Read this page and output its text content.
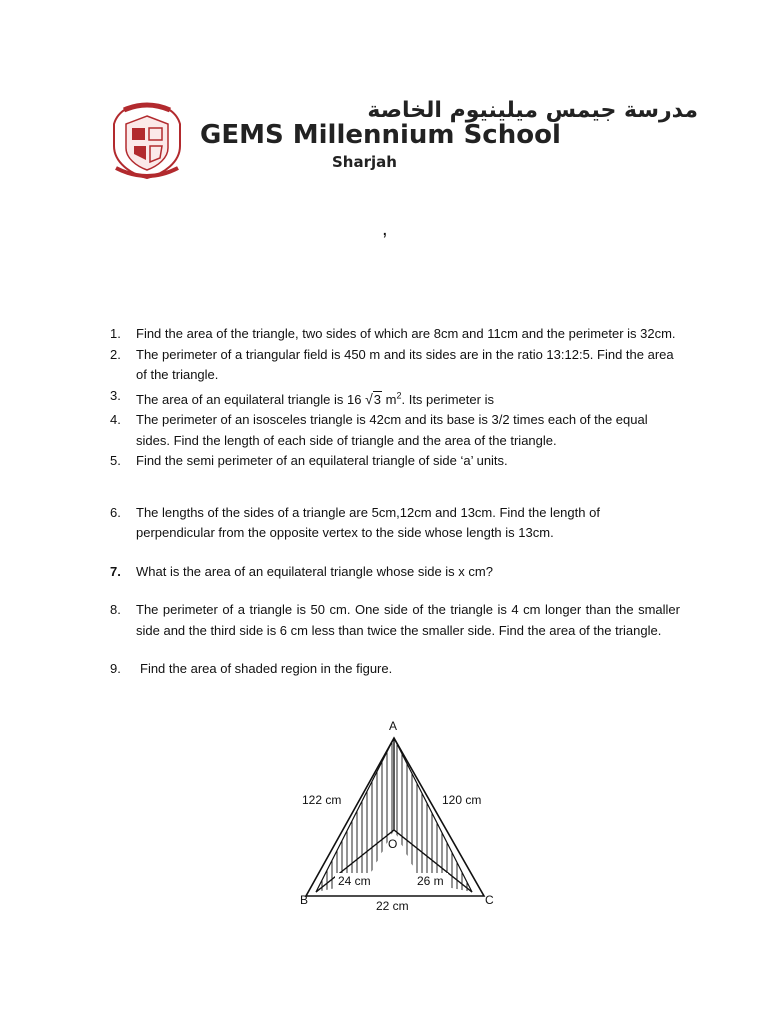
مدرسة جيمس ميلينيوم الخاصة
GEMS Millennium School
Sharjah
,
1. Find the area of the triangle, two sides of which are 8cm and 11cm and the perimeter is 32cm.
2. The perimeter of a triangular field is 450 m and its sides are in the ratio 13:12:5. Find the area of the triangle.
3. The area of an equilateral triangle is 16 √3 $m^2$. Its perimeter is
4. The perimeter of an isosceles triangle is 42cm and its base is 3/2 times each of the equal sides. Find the length of each side of triangle and the area of the triangle.
5. Find the semi perimeter of an equilateral triangle of side ‘a’ units.
6. The lengths of the sides of a triangle are 5cm,12cm and 13cm. Find the length of perpendicular from the opposite vertex to the side whose length is 13cm.
7. What is the area of an equilateral triangle whose side is x cm?
8. The perimeter of a triangle is 50 cm. One side of the triangle is 4 cm longer than the smaller side and the third side is 6 cm less than twice the smaller side. Find the area of the triangle.
9. Find the area of shaded region in the figure.
A
B	C
O
122 cm	120 cm
24 cm	26 m
22 cm
